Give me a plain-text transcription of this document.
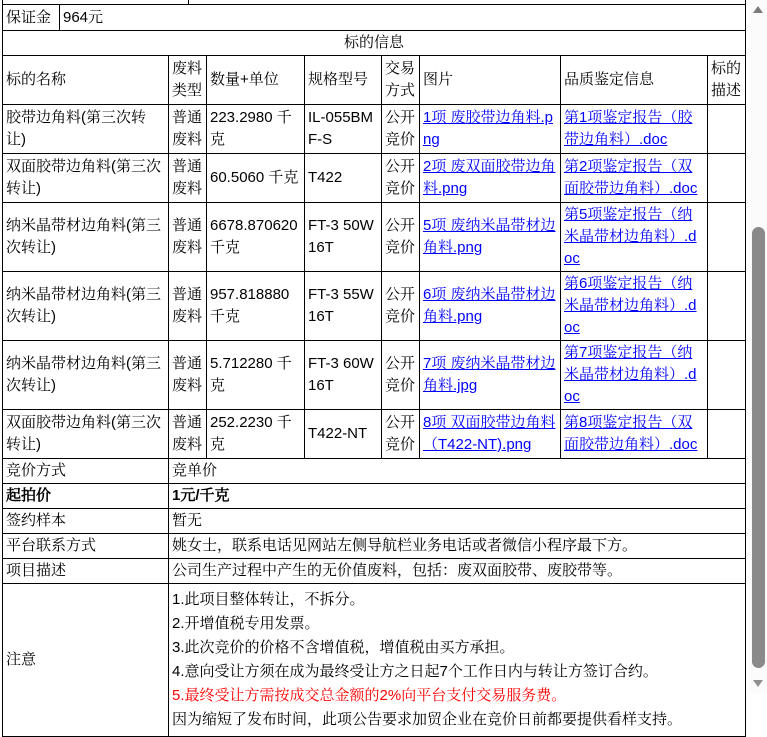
保证金	964元
标的信息
标的名称	废料类型	数量+单位	规格型号	交易方式	图片	品质鉴定信息	标的描述
胶带边角料(第三次转让)	普通废料	223.2980 千克	IL-055BMF-S	公开竞价	1项 废胶带边角料.png	第1项鉴定报告（胶带边角料）.doc	
双面胶带边角料(第三次转让)	普通废料	60.5060 千克	T422	公开竞价	2项 废双面胶带边角料.png	第2项鉴定报告（双面胶带边角料）.doc	
纳米晶带材边角料(第三次转让)	普通废料	6678.870620 千克	FT-3 50W 16T	公开竞价	5项 废纳米晶带材边角料.png	第5项鉴定报告（纳米晶带材边角料）.doc	
纳米晶带材边角料(第三次转让)	普通废料	957.818880 千克	FT-3 55W 16T	公开竞价	6项 废纳米晶带材边角料.png	第6项鉴定报告（纳米晶带材边角料）.doc	
纳米晶带材边角料(第三次转让)	普通废料	5.712280 千克	FT-3 60W 16T	公开竞价	7项 废纳米晶带材边角料.jpg	第7项鉴定报告（纳米晶带材边角料）.doc	
双面胶带边角料(第三次转让)	普通废料	252.2230 千克	T422-NT	公开竞价	8项 双面胶带边角料（T422-NT).png	第8项鉴定报告（双面胶带边角料）.doc	
竞价方式	竞单价
起拍价	1元/千克
签约样本	暂无
平台联系方式	姚女士，联系电话见网站左侧导航栏业务电话或者微信小程序最下方。
项目描述	公司生产过程中产生的无价值废料，包括：废双面胶带、废胶带等。
注意	
1.此项目整体转让，不拆分。
2.开增值税专用发票。
3.此次竞价的价格不含增值税，增值税由买方承担。
4.意向受让方须在成为最终受让方之日起7个工作日内与转让方签订合约。
5.最终受让方需按成交总金额的2%向平台支付交易服务费。
因为缩短了发布时间，此项公告要求加贸企业在竞价日前都要提供看样支持。
